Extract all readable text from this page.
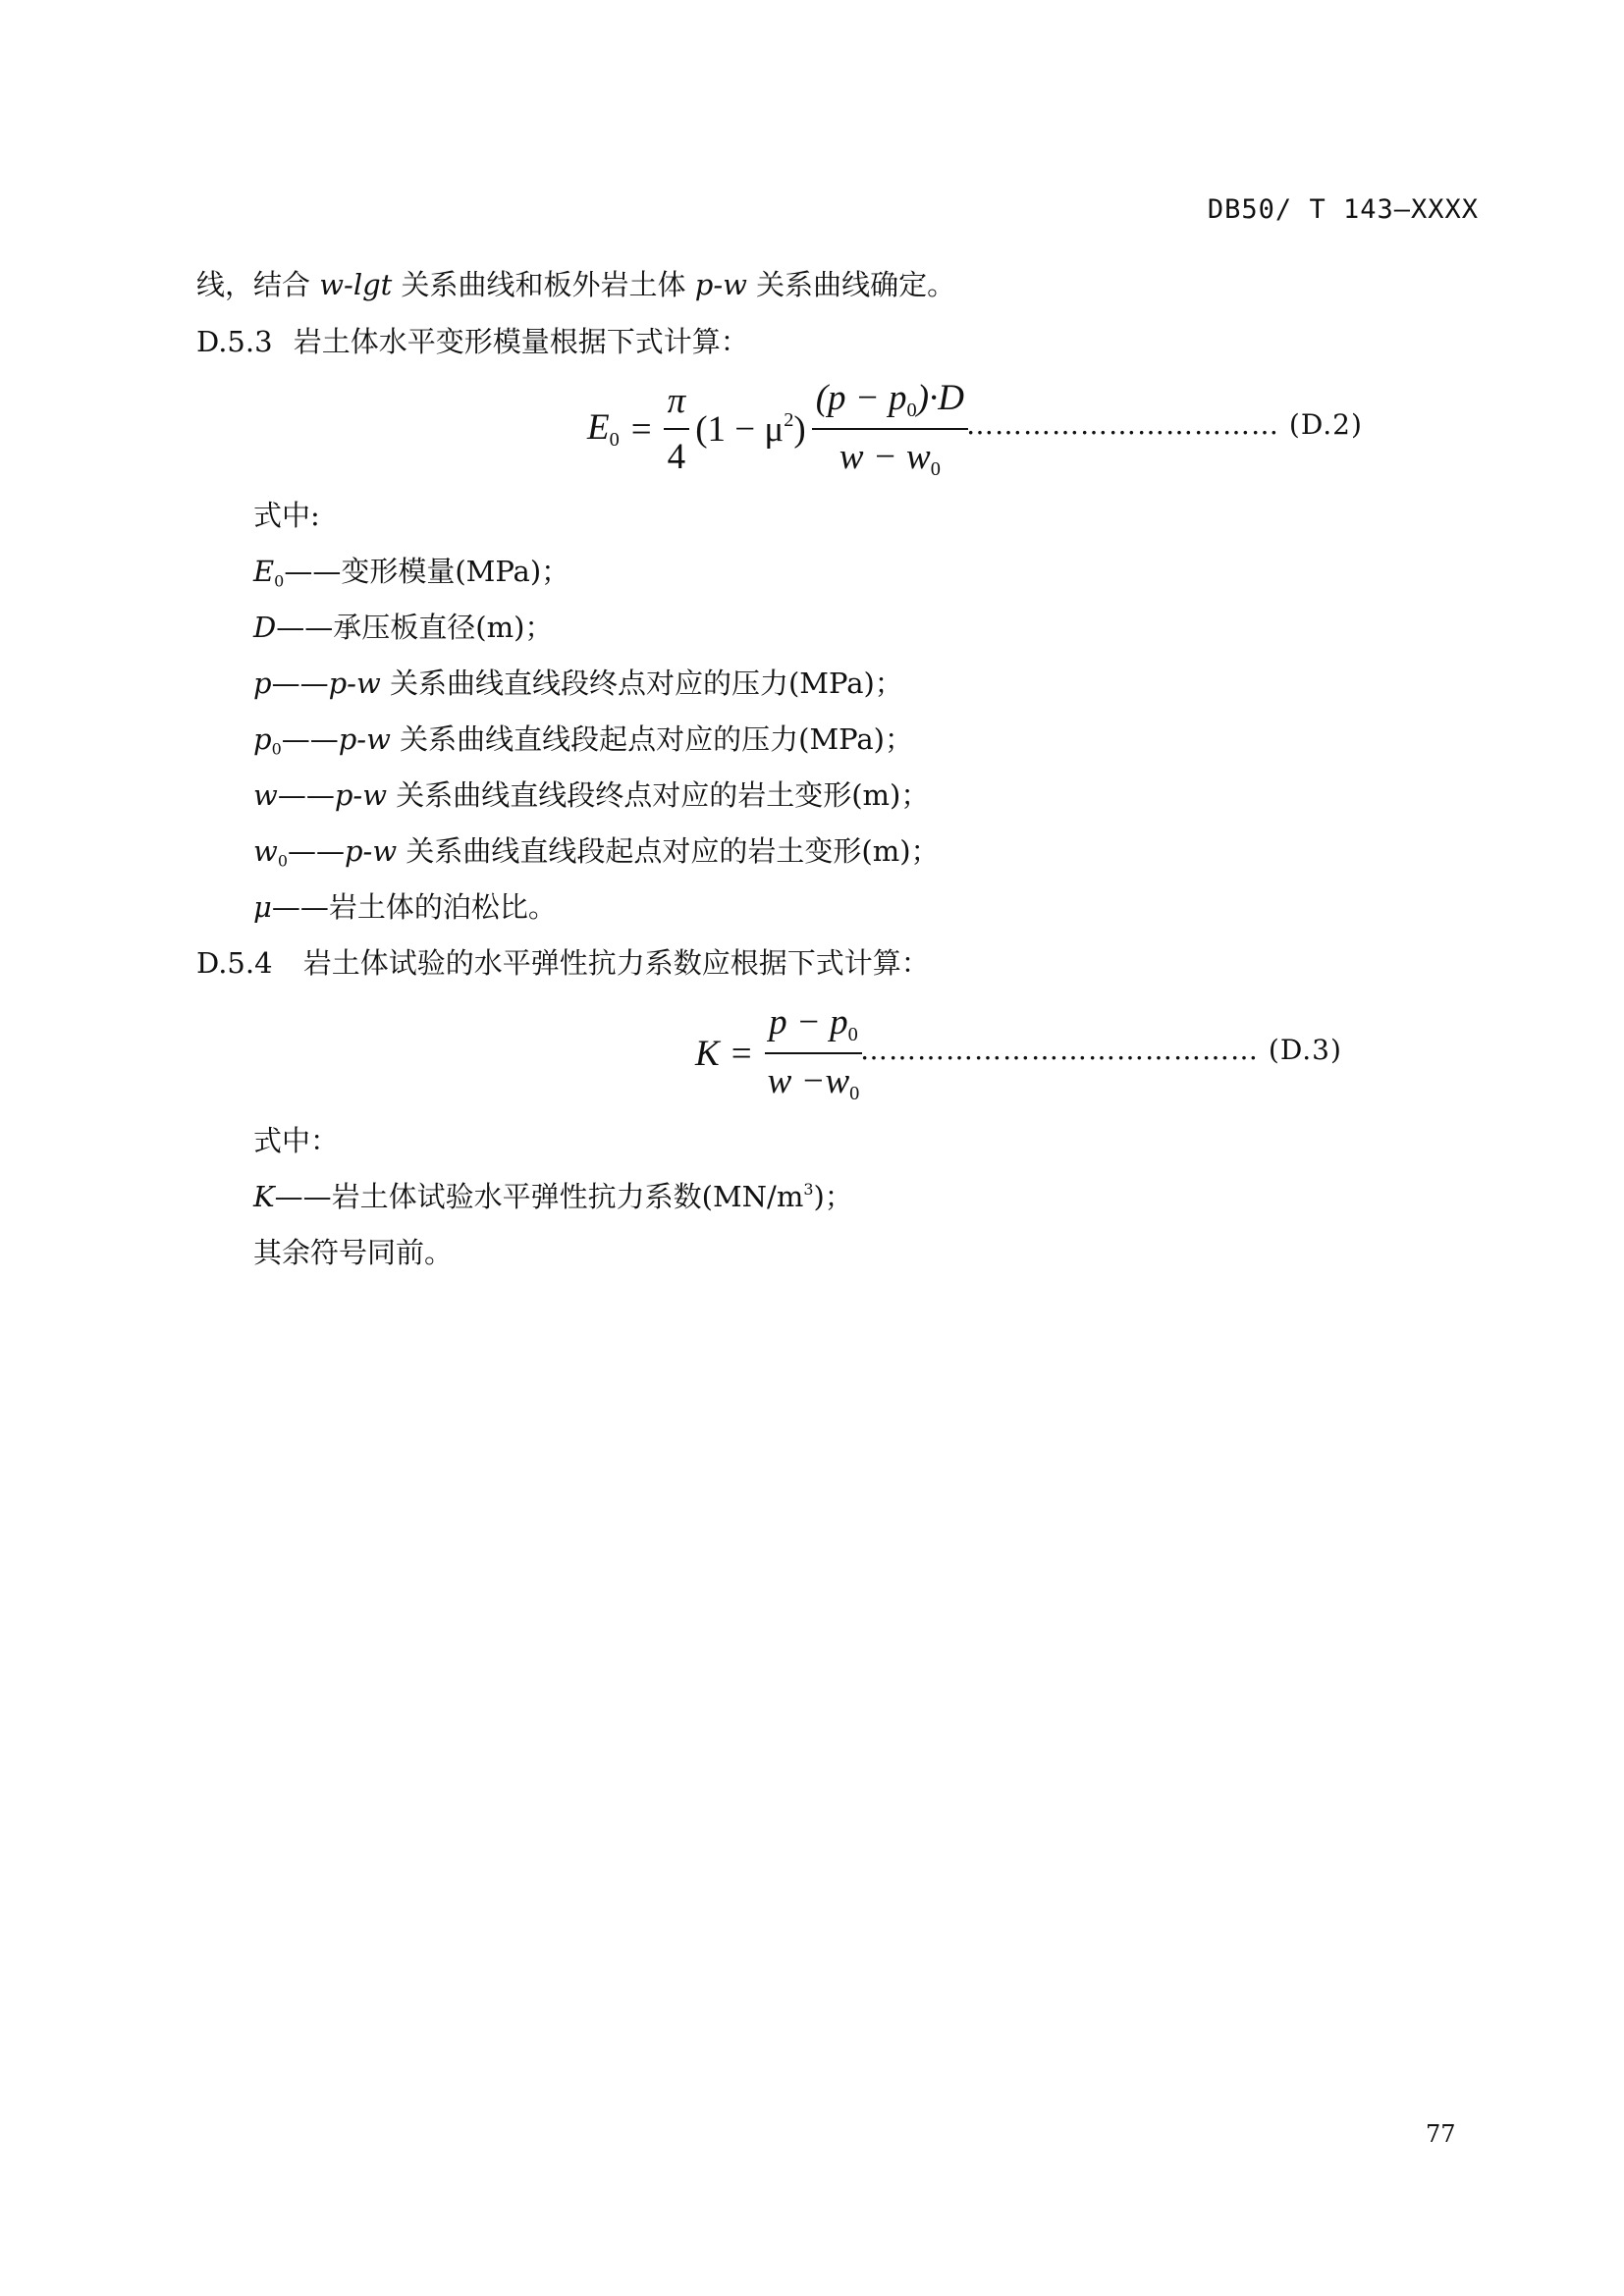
DB50/ T 143—XXXX
线，结合 w-lgt 关系曲线和板外岩土体 p-w 关系曲线确定。
D.5.3 岩土体水平变形模量根据下式计算：
$E_0 = \frac{\pi}{4} (1 - \mu^2) \frac{(p - p_0)\cdot D}{w - w_0}$
…………………………… (D.2)
式中:
$E_0——$变形模量(MPa)；
D——承压板直径(m)；
p——p-w 关系曲线直线段终点对应的压力(MPa)；
$p_0——p-w$ 关系曲线直线段起点对应的压力(MPa)；
w——p-w 关系曲线直线段终点对应的岩土变形(m)；
$w_0——p-w$ 关系曲线直线段起点对应的岩土变形(m)；
μ——岩土体的泊松比。
D.5.4 岩土体试验的水平弹性抗力系数应根据下式计算：
$K = \frac{p - p_0}{w -w_0}$
…………………………………… (D.3)
式中：
K——岩土体试验水平弹性抗力系数$(MN/m^3)$；
其余符号同前。
77
